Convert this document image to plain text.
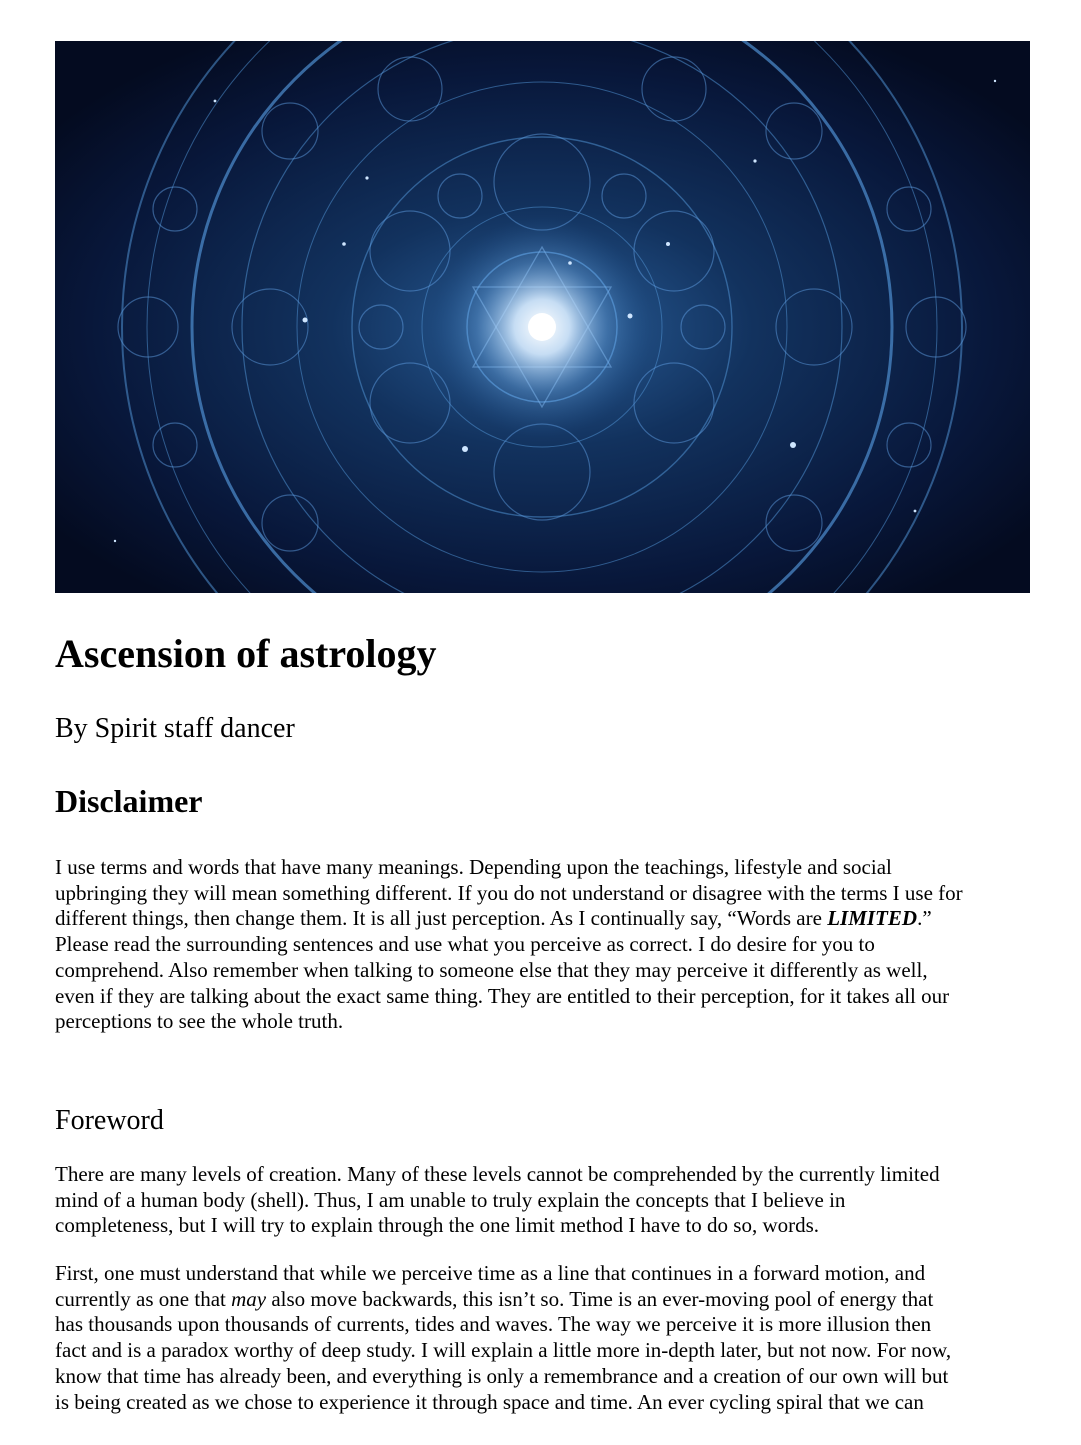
Ascension of astrology
By Spirit staff dancer
Disclaimer

I use terms and words that have many meanings. Depending upon the teachings, lifestyle and social
upbringing they will mean something different. If you do not understand or disagree with the terms I use for
different things, then change them. It is all just perception. As I continually say, “Words are LIMITED.”
Please read the surrounding sentences and use what you perceive as correct. I do desire for you to
comprehend. Also remember when talking to someone else that they may perceive it differently as well,
even if they are talking about the exact same thing. They are entitled to their perception, for it takes all our
perceptions to see the whole truth.

Foreword

There are many levels of creation. Many of these levels cannot be comprehended by the currently limited
mind of a human body (shell). Thus, I am unable to truly explain the concepts that I believe in
completeness, but I will try to explain through the one limit method I have to do so, words.

First, one must understand that while we perceive time as a line that continues in a forward motion, and
currently as one that may also move backwards, this isn’t so. Time is an ever-moving pool of energy that
has thousands upon thousands of currents, tides and waves. The way we perceive it is more illusion then
fact and is a paradox worthy of deep study. I will explain a little more in-depth later, but not now. For now,
know that time has already been, and everything is only a remembrance and a creation of our own will but
is being created as we chose to experience it through space and time. An ever cycling spiral that we can
